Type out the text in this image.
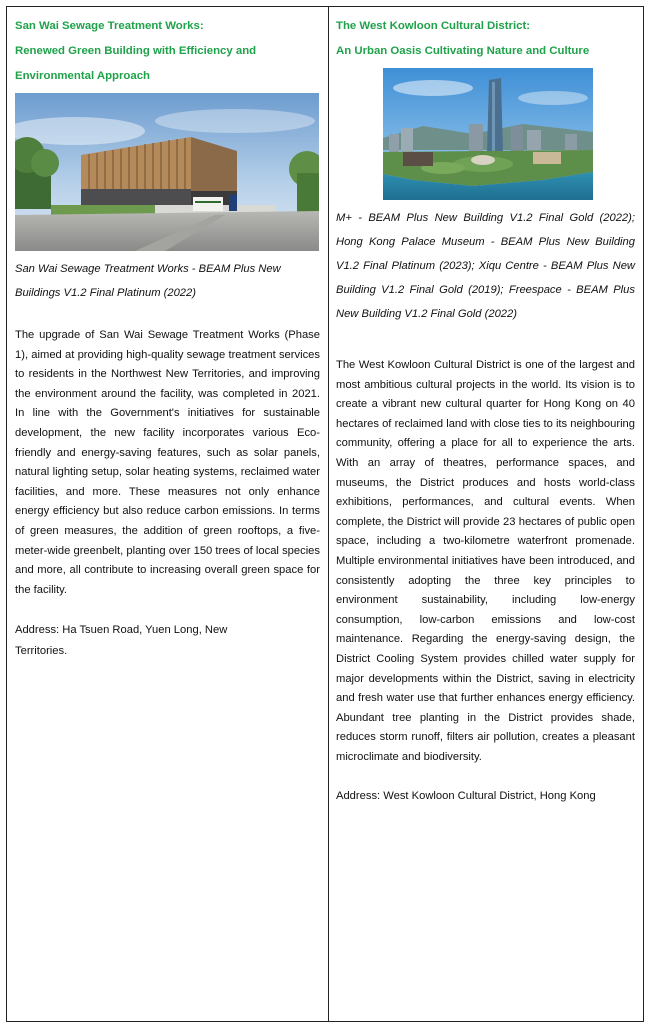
San Wai Sewage Treatment Works:

Renewed Green Building with Efficiency and Environmental Approach

San Wai Sewage Treatment Works - BEAM Plus New Buildings V1.2 Final Platinum (2022)

The upgrade of San Wai Sewage Treatment Works (Phase 1), aimed at providing high-quality sewage treatment services to residents in the Northwest New Territories, and improving the environment around the facility, was completed in 2021. In line with the Government's initiatives for sustainable development, the new facility incorporates various Eco-friendly and energy-saving features, such as solar panels, natural lighting setup, solar heating systems, reclaimed water facilities, and more. These measures not only enhance energy efficiency but also reduce carbon emissions. In terms of green measures, the addition of green rooftops, a five-meter-wide greenbelt, planting over 150 trees of local species and more, all contribute to increasing overall green space for the facility.

Address: Ha Tsuen Road, Yuen Long, New Territories.

The West Kowloon Cultural District:

An Urban Oasis Cultivating Nature and Culture

M+ - BEAM Plus New Building V1.2 Final Gold (2022); Hong Kong Palace Museum - BEAM Plus New Building V1.2 Final Platinum (2023); Xiqu Centre - BEAM Plus New Building V1.2 Final Gold (2019); Freespace - BEAM Plus New Building V1.2 Final Gold (2022)

The West Kowloon Cultural District is one of the largest and most ambitious cultural projects in the world. Its vision is to create a vibrant new cultural quarter for Hong Kong on 40 hectares of reclaimed land with close ties to its neighbouring community, offering a place for all to experience the arts. With an array of theatres, performance spaces, and museums, the District produces and hosts world-class exhibitions, performances, and cultural events. When complete, the District will provide 23 hectares of public open space, including a two-kilometre waterfront promenade. Multiple environmental initiatives have been introduced, and consistently adopting the three key principles to environment sustainability, including low-energy consumption, low-carbon emissions and low-cost maintenance. Regarding the energy-saving design, the District Cooling System provides chilled water supply for major developments within the District, saving in electricity and fresh water use that further enhances energy efficiency. Abundant tree planting in the District provides shade, reduces storm runoff, filters air pollution, creates a pleasant microclimate and biodiversity.

Address: West Kowloon Cultural District, Hong Kong
